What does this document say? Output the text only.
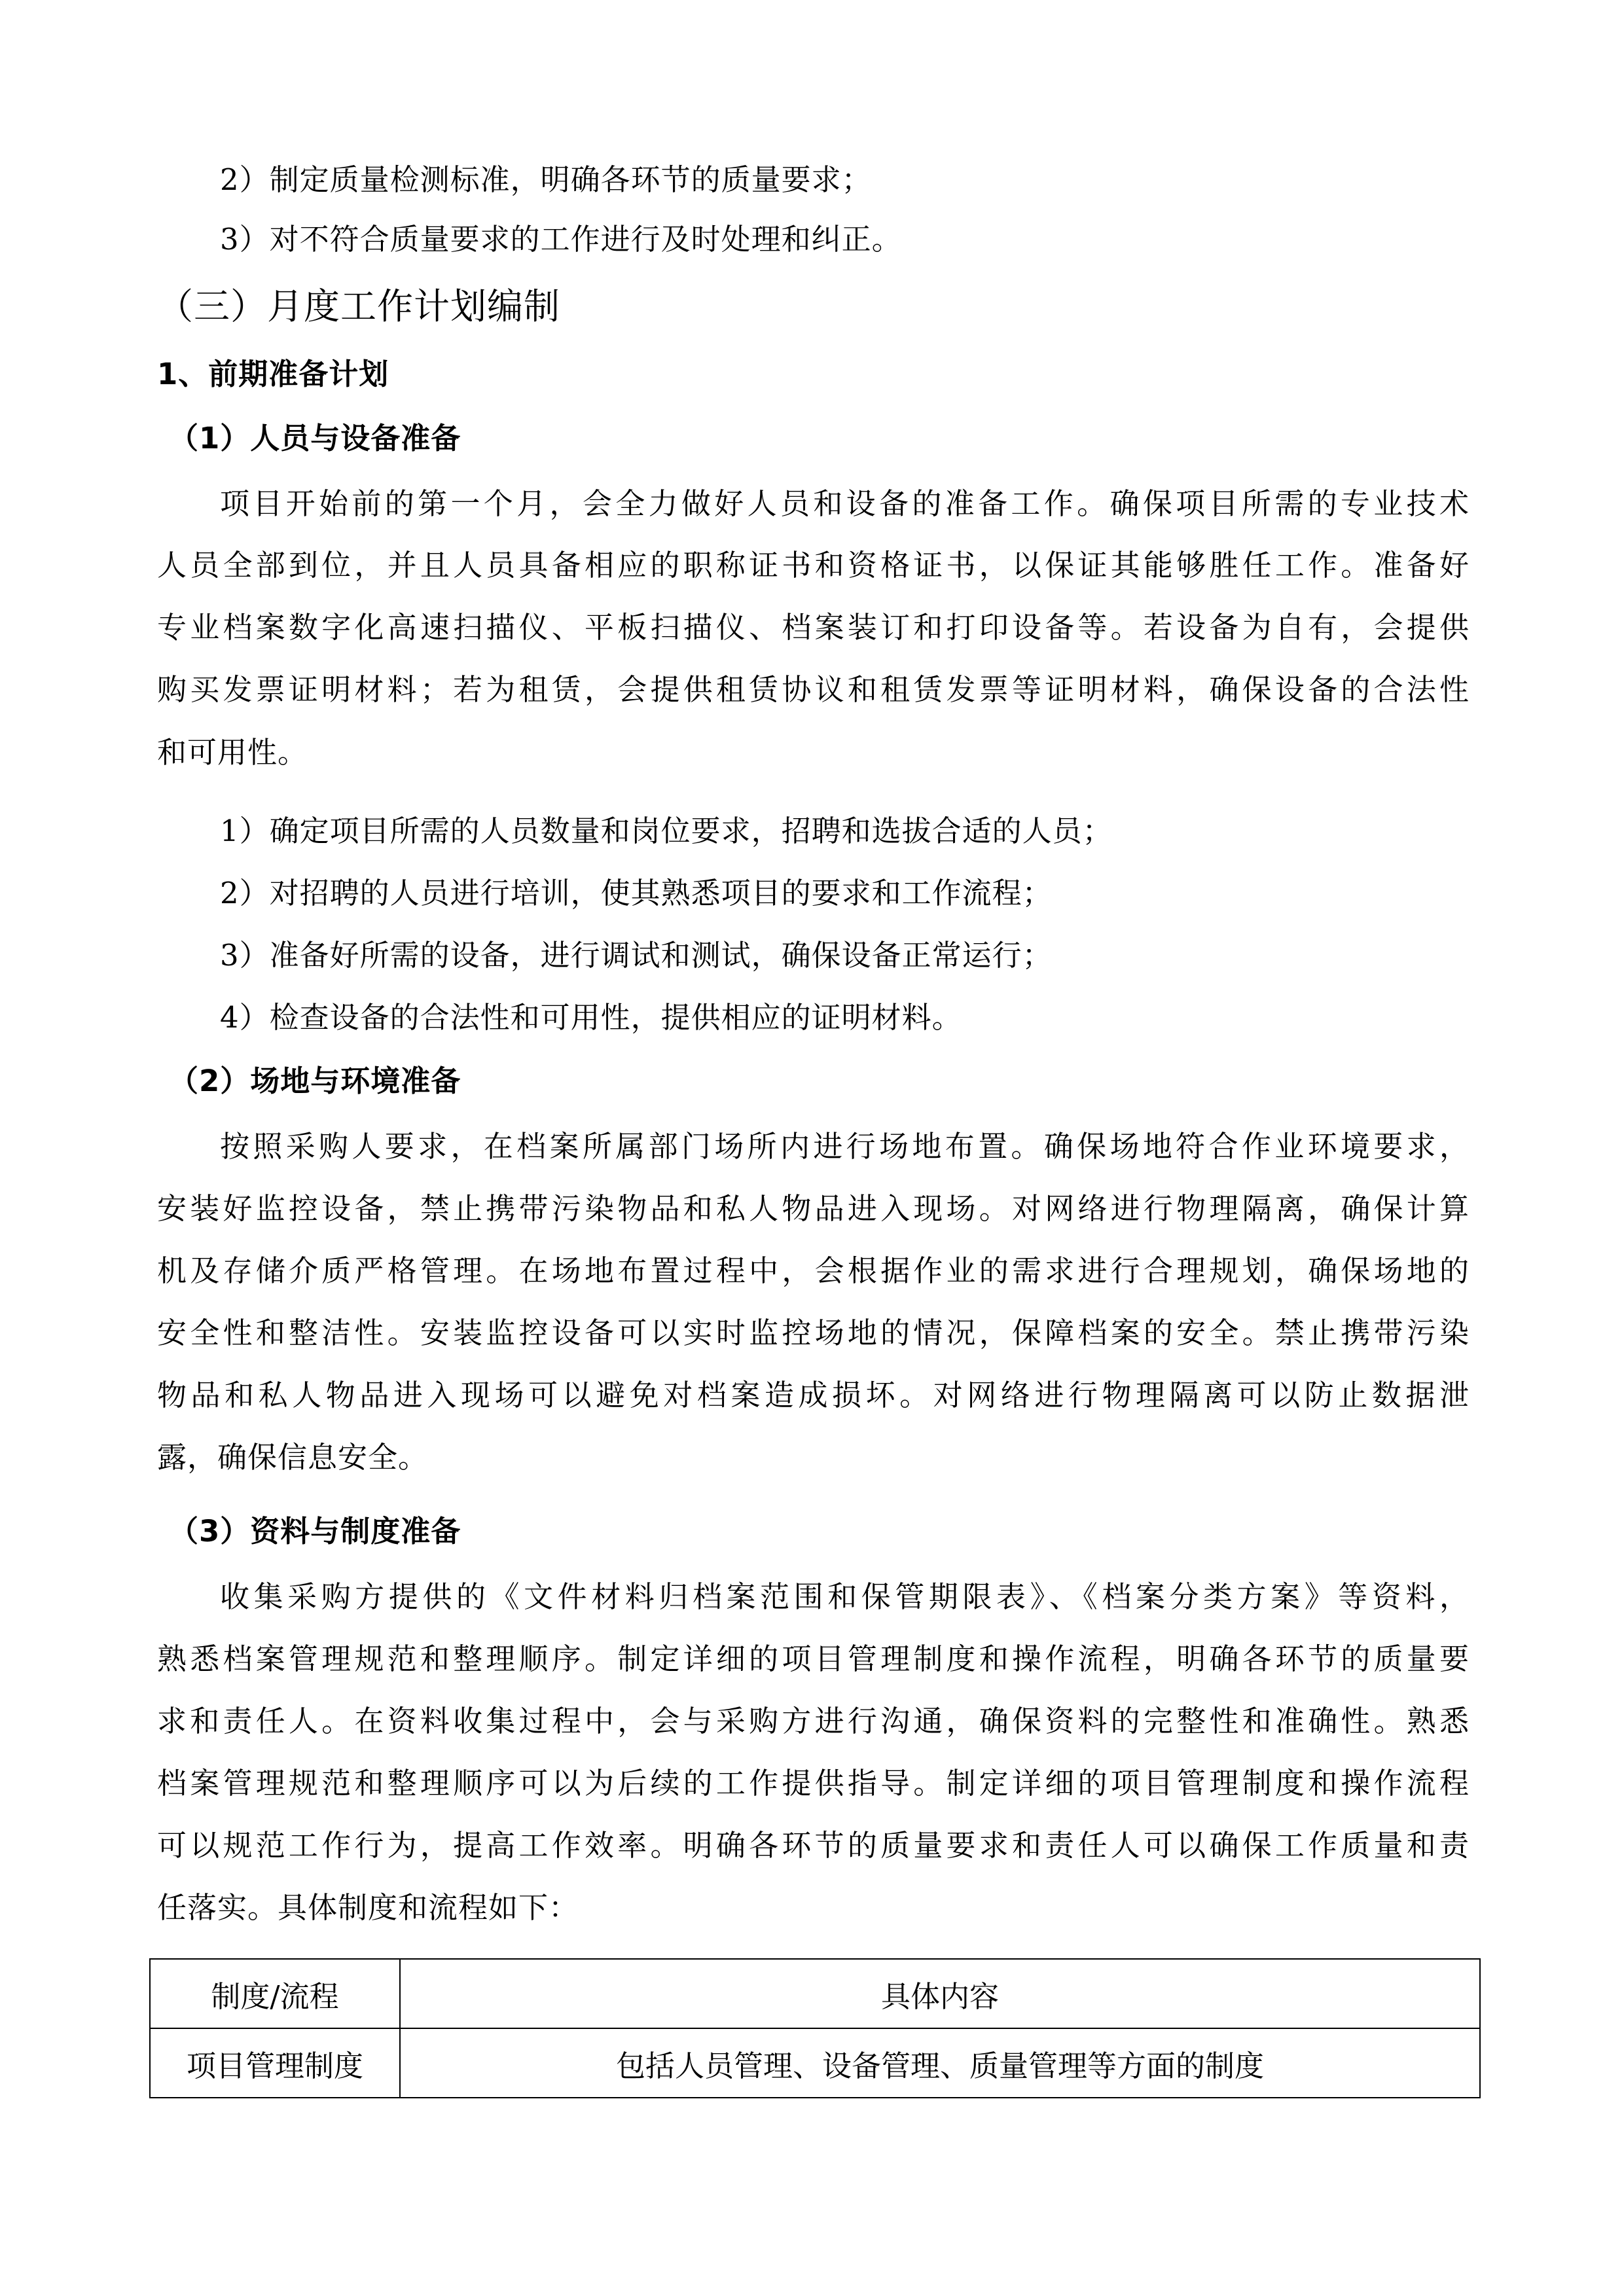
2）制定质量检测标准，明确各环节的质量要求；
3）对不符合质量要求的工作进行及时处理和纠正。
（三）月度工作计划编制
1、前期准备计划
（1）人员与设备准备
项目开始前的第一个月，会全力做好人员和设备的准备工作。确保项目所需的专业技术
人员全部到位，并且人员具备相应的职称证书和资格证书，以保证其能够胜任工作。准备好
专业档案数字化高速扫描仪、平板扫描仪、档案装订和打印设备等。若设备为自有，会提供
购买发票证明材料；若为租赁，会提供租赁协议和租赁发票等证明材料，确保设备的合法性
和可用性。
1）确定项目所需的人员数量和岗位要求，招聘和选拔合适的人员；
2）对招聘的人员进行培训，使其熟悉项目的要求和工作流程；
3）准备好所需的设备，进行调试和测试，确保设备正常运行；
4）检查设备的合法性和可用性，提供相应的证明材料。
（2）场地与环境准备
按照采购人要求，在档案所属部门场所内进行场地布置。确保场地符合作业环境要求，
安装好监控设备，禁止携带污染物品和私人物品进入现场。对网络进行物理隔离，确保计算
机及存储介质严格管理。在场地布置过程中，会根据作业的需求进行合理规划，确保场地的
安全性和整洁性。安装监控设备可以实时监控场地的情况，保障档案的安全。禁止携带污染
物品和私人物品进入现场可以避免对档案造成损坏。对网络进行物理隔离可以防止数据泄
露，确保信息安全。
（3）资料与制度准备
收集采购方提供的《文件材料归档案范围和保管期限表》、《档案分类方案》等资料，
熟悉档案管理规范和整理顺序。制定详细的项目管理制度和操作流程，明确各环节的质量要
求和责任人。在资料收集过程中，会与采购方进行沟通，确保资料的完整性和准确性。熟悉
档案管理规范和整理顺序可以为后续的工作提供指导。制定详细的项目管理制度和操作流程
可以规范工作行为，提高工作效率。明确各环节的质量要求和责任人可以确保工作质量和责
任落实。具体制度和流程如下：
制度/流程	具体内容
项目管理制度	包括人员管理、设备管理、质量管理等方面的制度
